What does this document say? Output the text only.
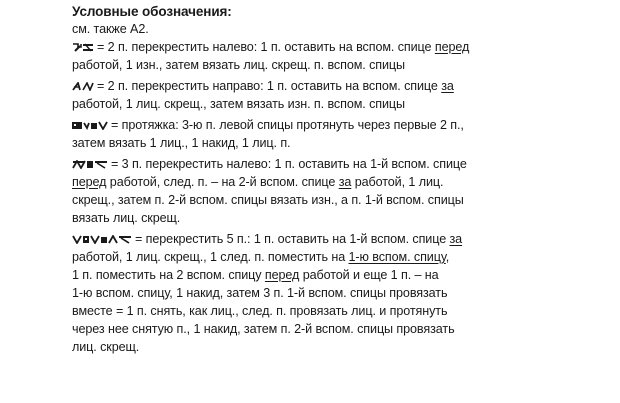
Условные обозначения:
см. также А2.
= 2 п. перекрестить налево: 1 п. оставить на вспом. спице перед
работой, 1 изн., затем вязать лиц. скрещ. п. вспом. спицы
= 2 п. перекрестить направо: 1 п. оставить на вспом. спице за
работой, 1 лиц. скрещ., затем вязать изн. п. вспом. спицы
= протяжка: 3-ю п. левой спицы протянуть через первые 2 п.,
затем вязать 1 лиц., 1 накид, 1 лиц. п.
= 3 п. перекрестить налево: 1 п. оставить на 1-й вспом. спице
перед работой, след. п. – на 2-й вспом. спице за работой, 1 лиц.
скрещ., затем п. 2-й вспом. спицы вязать изн., а п. 1-й вспом. спицы
вязать лиц. скрещ.
= перекрестить 5 п.: 1 п. оставить на 1-й вспом. спице за
работой, 1 лиц. скрещ., 1 след. п. поместить на 1-ю вспом. спицу,
1 п. поместить на 2 вспом. спицу перед работой и еще 1 п. – на
1-ю вспом. спицу, 1 накид, затем 3 п. 1-й вспом. спицы провязать
вместе = 1 п. снять, как лиц., след. п. провязать лиц. и протянуть
через нее снятую п., 1 накид, затем п. 2-й вспом. спицы провязать
лиц. скрещ.
